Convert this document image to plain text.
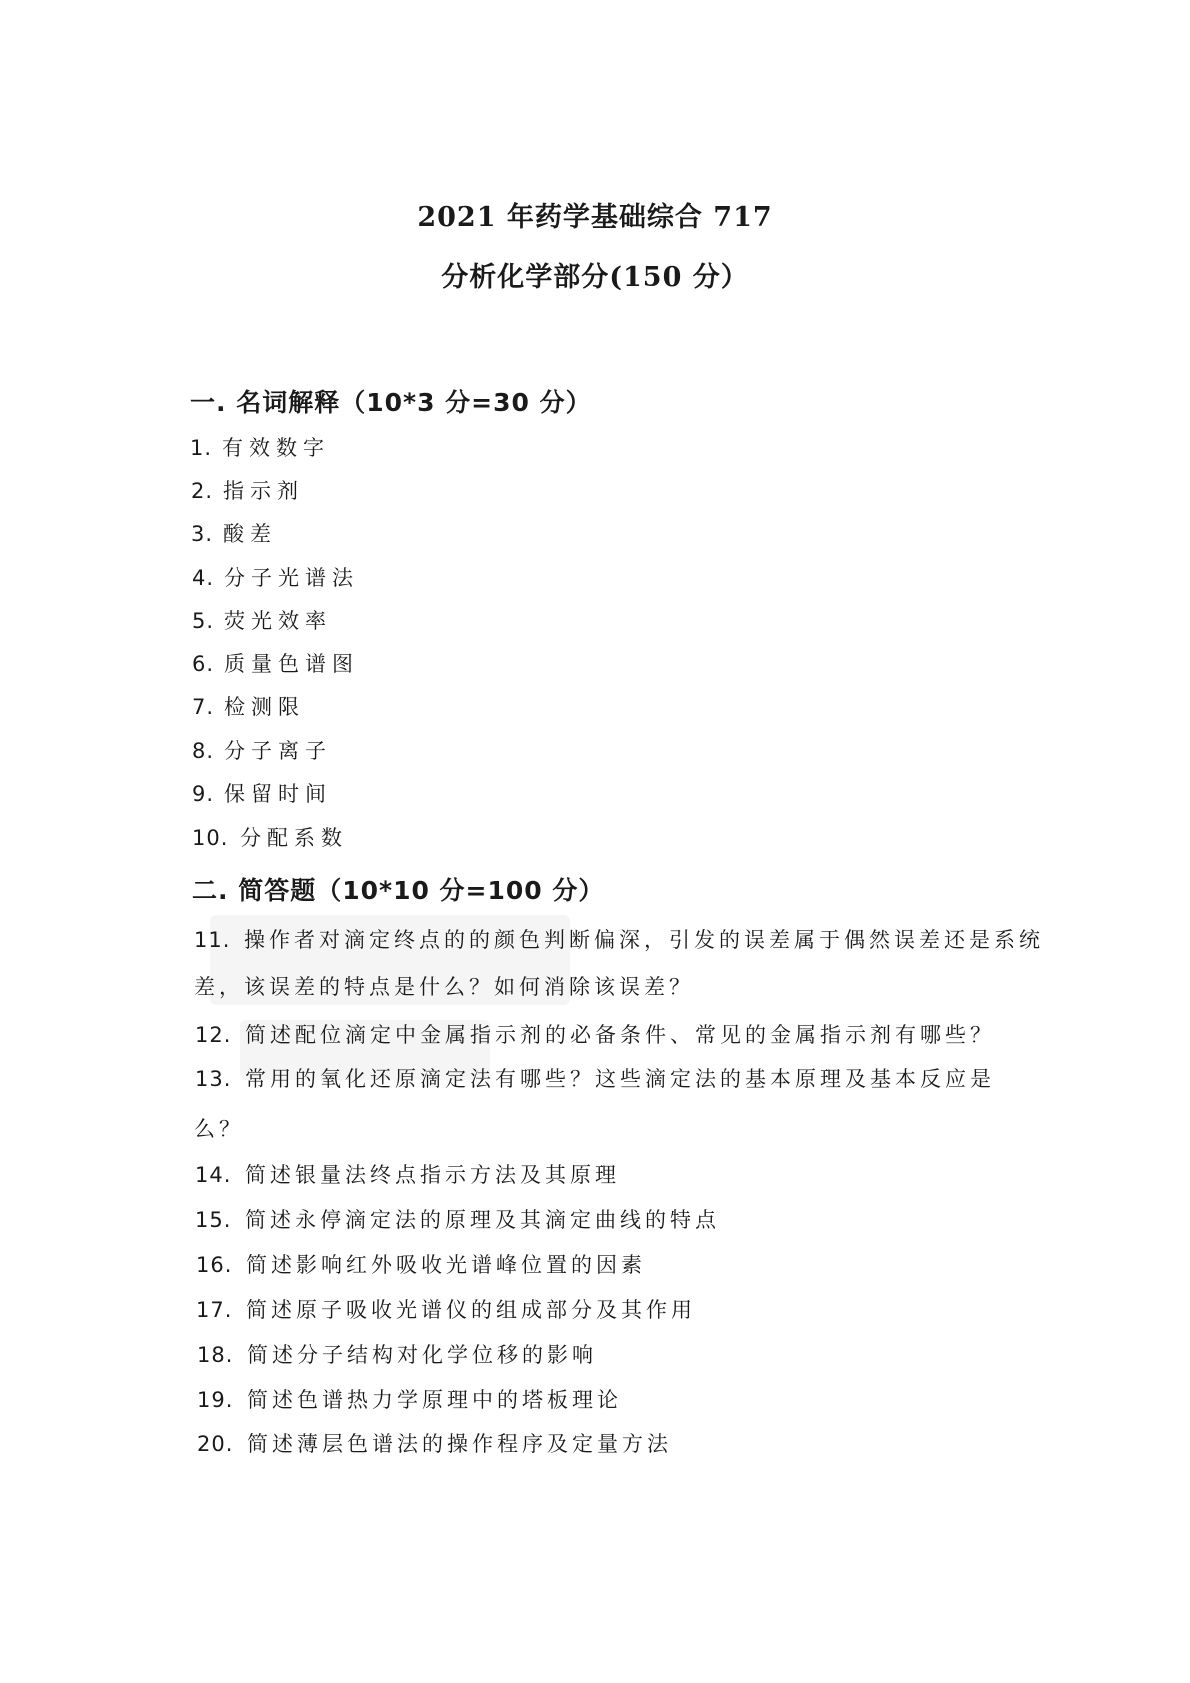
2021 年药学基础综合 717
分析化学部分(150 分）
一. 名词解释（10*3 分=30 分）
1. 有效数字
2. 指示剂
3. 酸差
4. 分子光谱法
5. 荧光效率
6. 质量色谱图
7. 检测限
8. 分子离子
9. 保留时间
10. 分配系数
二. 简答题（10*10 分=100 分）
11. 操作者对滴定终点的的颜色判断偏深，引发的误差属于偶然误差还是系统
差，该误差的特点是什么？如何消除该误差？
12. 简述配位滴定中金属指示剂的必备条件、常见的金属指示剂有哪些？
13. 常用的氧化还原滴定法有哪些？这些滴定法的基本原理及基本反应是
么？
14. 简述银量法终点指示方法及其原理
15. 简述永停滴定法的原理及其滴定曲线的特点
16. 简述影响红外吸收光谱峰位置的因素
17. 简述原子吸收光谱仪的组成部分及其作用
18. 简述分子结构对化学位移的影响
19. 简述色谱热力学原理中的塔板理论
20. 简述薄层色谱法的操作程序及定量方法
